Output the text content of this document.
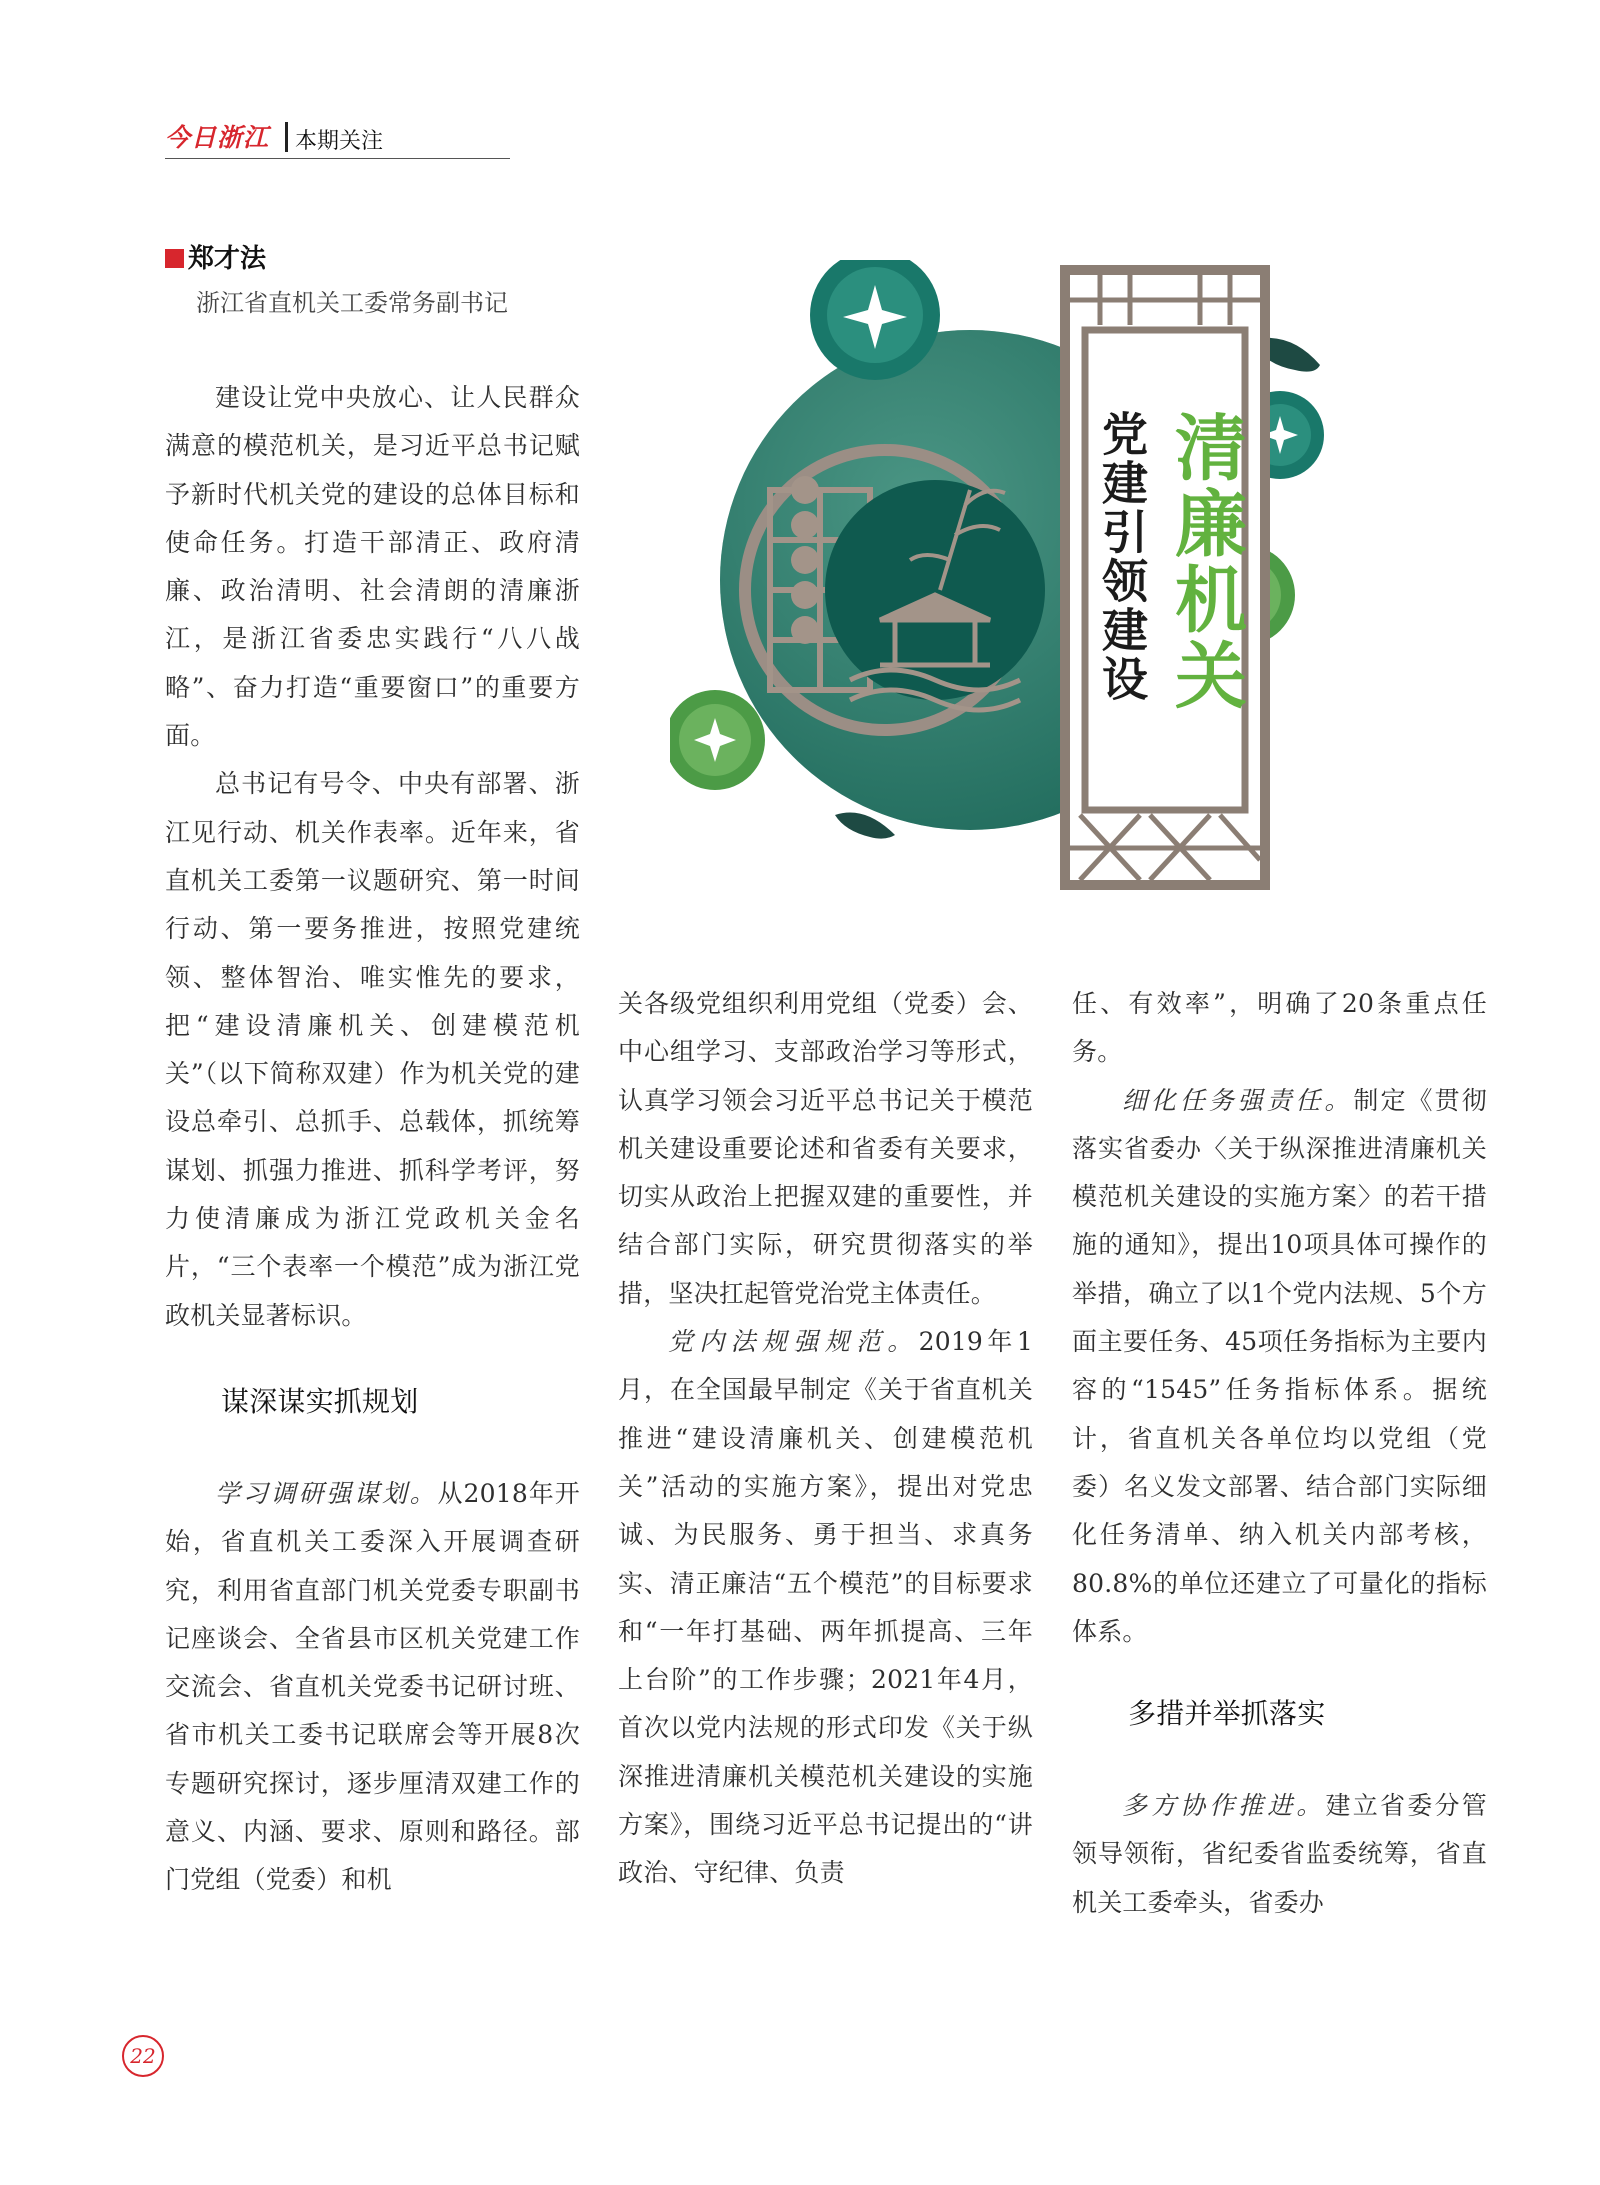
今日浙江 本期关注
郑才法
浙江省直机关工委常务副书记

建设让党中央放心、让人民群众满意的模范机关，是习近平总书记赋予新时代机关党的建设的总体目标和使命任务。打造干部清正、政府清廉、政治清明、社会清朗的清廉浙江，是浙江省委忠实践行“八八战略”、奋力打造“重要窗口”的重要方面。

总书记有号令、中央有部署、浙江见行动、机关作表率。近年来，省直机关工委第一议题研究、第一时间行动、第一要务推进，按照党建统领、整体智治、唯实惟先的要求，把“建设清廉机关、创建模范机关”（以下简称双建）作为机关党的建设总牵引、总抓手、总载体，抓统筹谋划、抓强力推进、抓科学考评，努力使清廉成为浙江党政机关金名片，“三个表率一个模范”成为浙江党政机关显著标识。

谋深谋实抓规划

学习调研强谋划。从2018年开始，省直机关工委深入开展调查研究，利用省直部门机关党委专职副书记座谈会、全省县市区机关党建工作交流会、省直机关党委书记研讨班、省市机关工委书记联席会等开展8次专题研究探讨，逐步厘清双建工作的意义、内涵、要求、原则和路径。部门党组（党委）和机

清廉机关
党建引领建设

关各级党组织利用党组（党委）会、中心组学习、支部政治学习等形式，认真学习领会习近平总书记关于模范机关建设重要论述和省委有关要求，切实从政治上把握双建的重要性，并结合部门实际，研究贯彻落实的举措，坚决扛起管党治党主体责任。

党内法规强规范。2019年1月，在全国最早制定《关于省直机关推进“建设清廉机关、创建模范机关”活动的实施方案》，提出对党忠诚、为民服务、勇于担当、求真务实、清正廉洁“五个模范”的目标要求和“一年打基础、两年抓提高、三年上台阶”的工作步骤；2021年4月，首次以党内法规的形式印发《关于纵深推进清廉机关模范机关建设的实施方案》，围绕习近平总书记提出的“讲政治、守纪律、负责

任、有效率”，明确了20条重点任务。

细化任务强责任。制定《贯彻落实省委办〈关于纵深推进清廉机关模范机关建设的实施方案〉的若干措施的通知》，提出10项具体可操作的举措，确立了以1个党内法规、5个方面主要任务、45项任务指标为主要内容的“1545”任务指标体系。据统计，省直机关各单位均以党组（党委）名义发文部署、结合部门实际细化任务清单、纳入机关内部考核，80.8%的单位还建立了可量化的指标体系。

多措并举抓落实

多方协作推进。建立省委分管领导领衔，省纪委省监委统筹，省直机关工委牵头，省委办

22
